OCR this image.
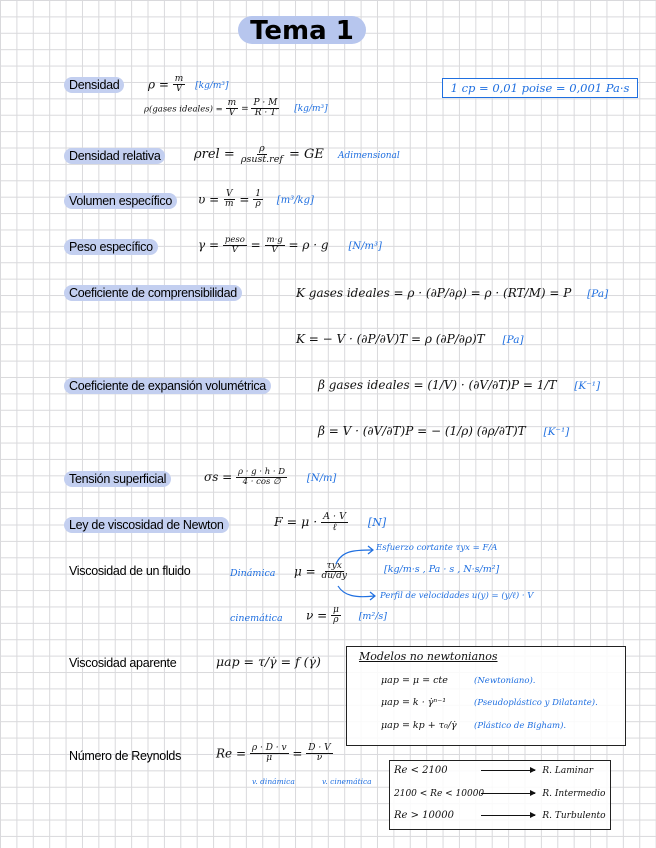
Tema 1
1 cp = 0,01 poise = 0,001 Pa·s
Densidad	$\rho = \frac{m}{V} [kg/m^3]$
ρ(gases ideales) = $\frac{m}{V} = \frac{P \cdot M}{R \cdot T} [kg/m^3]$
Densidad relativa	ρrel =	ρ
ρsust.ref = GE Adimensional
Volumen específico	$\upsilon = \frac{V}{m} = \frac{1}{\rho} [m^3/kg]$
Peso específico	γ = peso
$V = \frac{m\cdot g}{V} = \rho \cdot g$ [N/m³]
Coeficiente de comprensibilidad	K gases ideales = ρ · (∂P/∂ρ) = ρ · (RT/M) = P [Pa]
K = − V · (∂P/∂V)T = ρ (∂P/∂ρ)T [Pa]
Coeficiente de expansión volumétrica	β gases ideales = (1/V) · (∂V/∂T)P = 1/T [K⁻¹]
β = V · (∂V/∂T)P = − (1/ρ) (∂ρ/∂T)T [K⁻¹]
Tensión superficial	$\sigma s = \frac{\rho \cdot g \cdot h \cdot D}{4 \cdot \cos \emptyset} [N/m]$
Ley de viscosidad de Newton	F = μ · A · V
ℓ	[N]
Viscosidad de un fluido	Dinámica μ = τyx
du/dy
Esfuerzo cortante τyx = F/A
[kg/m·s , Pa · s , N·s/m²]
Perfil de velocidades u(y) = (y/ℓ) · V
cinemática $\nu = \frac{\mu}{\rho} [m^2/s]$
Viscosidad aparente	μap = τ/γ̇ = f (γ̇)	Modelos no newtonianos
μap = μ = cte	(Newtoniano).
μap = k · γ̇ⁿ⁻¹	(Pseudoplástico y Dilatante).
μap = kp + τ₀/γ̇ (Plástico de Bigham).
Número de Reynolds	$Re = \frac{\rho \cdot D \cdot v}{\mu} = \frac{D \cdot V}{\nu}$
v. dinámica	v. cinemática
Re < 2100	R. Laminar
2100 < Re < 10000	R. Intermedio
Re > 10000	R. Turbulento
